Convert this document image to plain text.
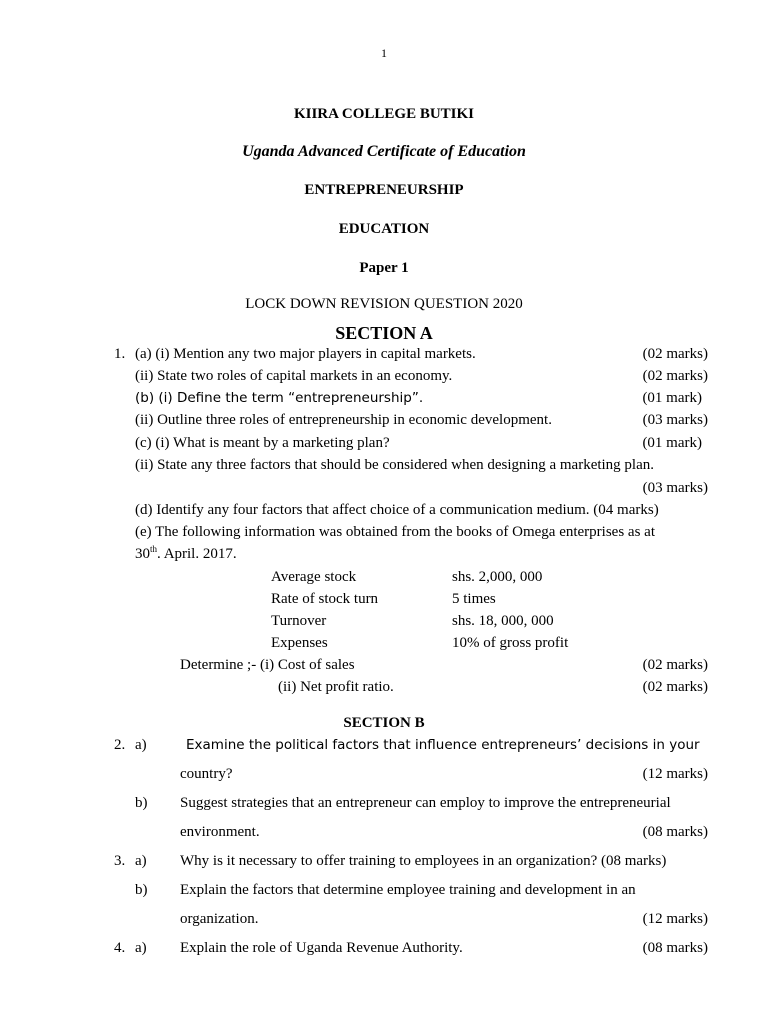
1
KIIRA COLLEGE BUTIKI
Uganda Advanced Certificate of Education
ENTREPRENEURSHIP
EDUCATION
Paper 1
LOCK DOWN REVISION QUESTION 2020
SECTION A
1. (a) (i) Mention any two major players in capital markets.	(02 marks)
(ii) State two roles of capital markets in an economy.	(02 marks)
(b) (i) Define the term “entrepreneurship”.	(01 mark)
(ii) Outline three roles of entrepreneurship in economic development.	(03 marks)
(c) (i) What is meant by a marketing plan?	(01 mark)
(ii) State any three factors that should be considered when designing a marketing plan.
(03 marks)
(d) Identify any four factors that affect choice of a communication medium. (04 marks)
(e) The following information was obtained from the books of Omega enterprises as at
30th. April. 2017.
Average stock	shs. 2,000, 000
Rate of stock turn	5 times
Turnover	shs. 18, 000, 000
Expenses	10% of gross profit
Determine ;- (i) Cost of sales	(02 marks)
(ii) Net profit ratio.	(02 marks)
SECTION B
2. a)	Examine the political factors that influence entrepreneurs’ decisions in your
country?	(12 marks)
b) Suggest strategies that an entrepreneur can employ to improve the entrepreneurial
environment.	(08 marks)
3. a) Why is it necessary to offer training to employees in an organization? (08 marks)
b) Explain the factors that determine employee training and development in an
organization.	(12 marks)
4. a) Explain the role of Uganda Revenue Authority.	(08 marks)
